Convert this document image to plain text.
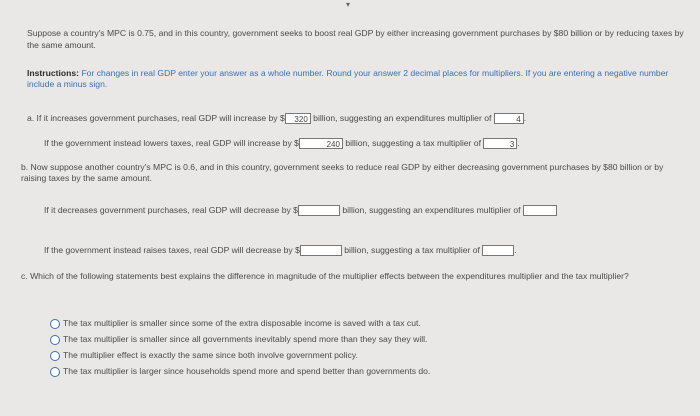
▾
Suppose a country's MPC is 0.75, and in this country, government seeks to boost real GDP by either increasing government purchases by $80 billion or by reducing taxes by the same amount.
Instructions: For changes in real GDP enter your answer as a whole number. Round your answer 2 decimal places for multipliers. If you are entering a negative number include a minus sign.
a. If it increases government purchases, real GDP will increase by $ 320 billion, suggesting an expenditures multiplier of	4 .
If the government instead lowers taxes, real GDP will increase by $	240 billion, suggesting a tax multiplier of	3 .
b. Now suppose another country's MPC is 0.6, and in this country, government seeks to reduce real GDP by either decreasing government purchases by $80 billion or by raising taxes by the same amount.
If it decreases government purchases, real GDP will decrease by $	billion, suggesting an expenditures multiplier of
If the government instead raises taxes, real GDP will decrease by $	billion, suggesting a tax multiplier of	.
c. Which of the following statements best explains the difference in magnitude of the multiplier effects between the expenditures multiplier and the tax multiplier?
The tax multiplier is smaller since some of the extra disposable income is saved with a tax cut.
The tax multiplier is smaller since all governments inevitably spend more than they say they will.
The multiplier effect is exactly the same since both involve government policy.
The tax multiplier is larger since households spend more and spend better than governments do.
